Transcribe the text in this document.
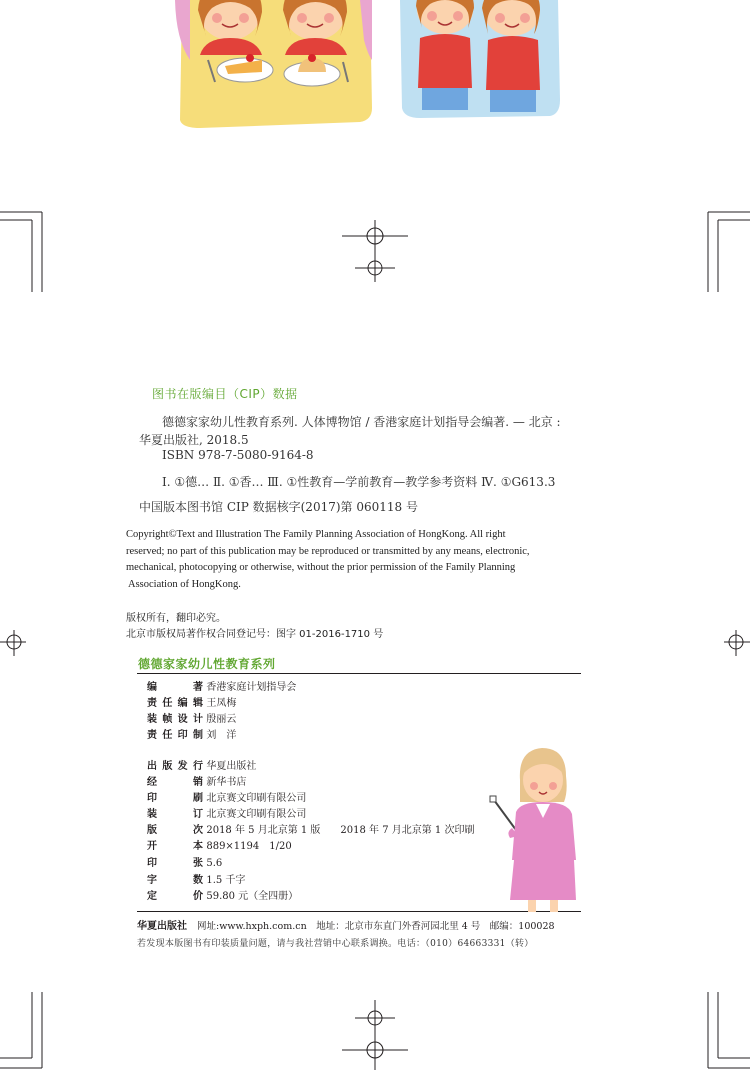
图书在版编目（CIP）数据
德德家家幼儿性教育系列. 人体博物馆 / 香港家庭计划指导会编著. — 北京 :
华夏出版社, 2018.5
ISBN 978-7-5080-9164-8
Ⅰ. ①德… Ⅱ. ①香… Ⅲ. ①性教育—学前教育—教学参考资料 Ⅳ. ①G613.3
中国版本图书馆 CIP 数据核字(2017)第 060118 号

Copyright©Text and Illustration The Family Planning Association of HongKong. All right

reserved; no part of this publication may be reproduced or transmitted by any means, electronic,

mechanical, photocopying or otherwise, without the prior permission of the Family Planning

Association of HongKong.

版权所有，翻印必究。
北京市版权局著作权合同登记号：图字 01-2016-1710 号
德德家家幼儿性教育系列
编　　著 香港家庭计划指导会
责任编辑 王凤梅
装帧设计 殷丽云
责任印制 刘　洋
出版发行 华夏出版社
经　　销 新华书店
印　　刷 北京赛文印刷有限公司
装　　订 北京赛文印刷有限公司
版　　次 2018 年 5 月北京第 1 版　　2018 年 7 月北京第 1 次印刷
开　　本 889×1194　1/20
印　　张 5.6
字　　数 1.5 千字
定　　价 59.80 元（全四册）
华夏出版社 网址:www.hxph.com.cn　地址：北京市东直门外香河园北里 4 号　邮编：100028
若发现本版图书有印装质量问题，请与我社营销中心联系调换。电话：（010）64663331（转）
